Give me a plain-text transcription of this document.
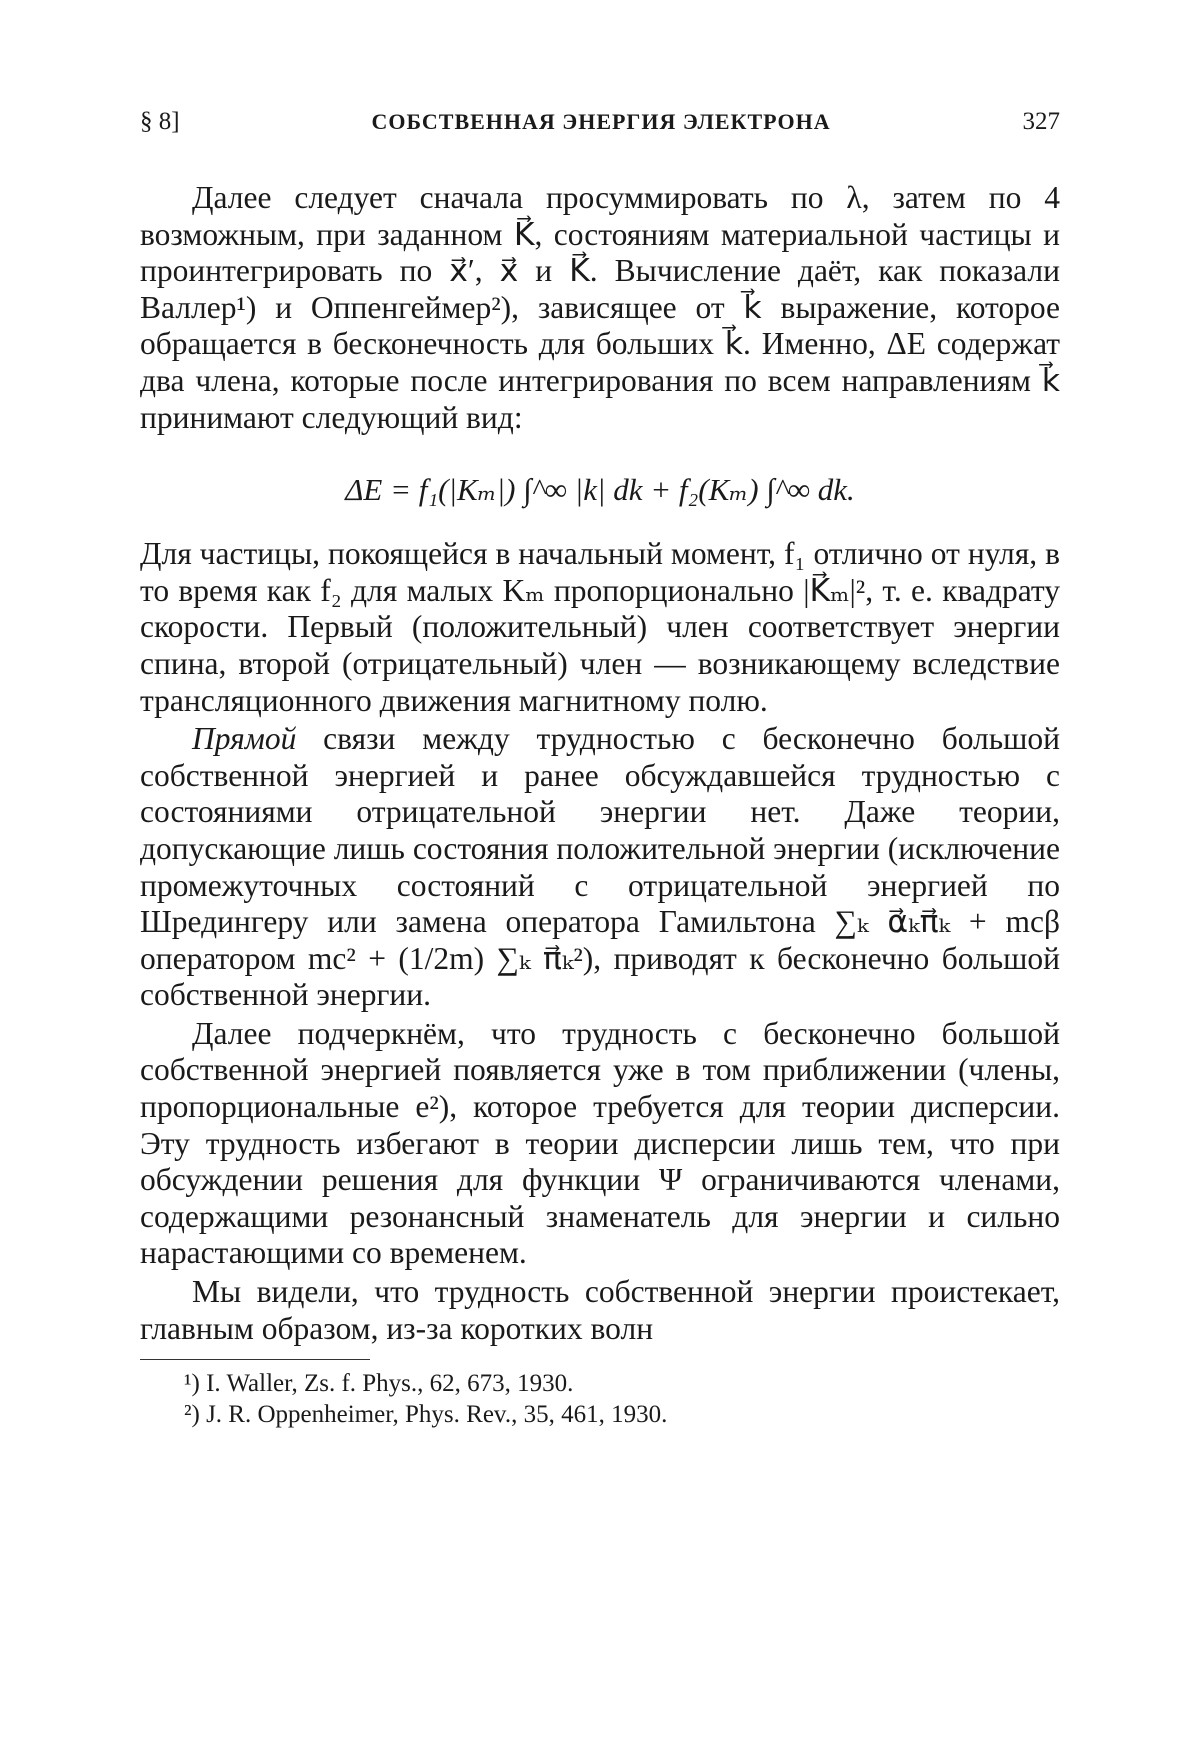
§ 8]	СОБСТВЕННАЯ ЭНЕРГИЯ ЭЛЕКТРОНА	327

Далее следует сначала просуммировать по λ, затем по 4 возможным, при заданном K⃗, состояниям материальной частицы и проинтегрировать по x⃗′, x⃗ и K⃗. Вычисление даёт, как показали Валлер¹) и Оппенгеймер²), зависящее от k⃗ выражение, которое обращается в бесконечность для больших k⃗. Именно, ΔE содержат два члена, которые после интегрирования по всем направлениям k⃗ принимают следующий вид:

ΔE = f₁(|Kₘ|) ∫^∞ |k| dk + f₂(Kₘ) ∫^∞ dk.

Для частицы, покоящейся в начальный момент, f₁ отлично от нуля, в то время как f₂ для малых Kₘ пропорционально |K⃗ₘ|², т. е. квадрату скорости. Первый (положительный) член соответствует энергии спина, второй (отрицательный) член — возникающему вследствие трансляционного движения магнитному полю.

Прямой связи между трудностью с бесконечно большой собственной энергией и ранее обсуждавшейся трудностью с состояниями отрицательной энергии нет. Даже теории, допускающие лишь состояния положительной энергии (исключение промежуточных состояний с отрицательной энергией по Шредингеру или замена оператора Гамильтона ∑ₖ α⃗ₖπ⃗ₖ + mcβ оператором mc² + (1/2m) ∑ₖ π⃗ₖ²), приводят к бесконечно большой собственной энергии.

Далее подчеркнём, что трудность с бесконечно большой собственной энергией появляется уже в том приближении (члены, пропорциональные e²), которое требуется для теории дисперсии. Эту трудность избегают в теории дисперсии лишь тем, что при обсуждении решения для функции Ψ ограничиваются членами, содержащими резонансный знаменатель для энергии и сильно нарастающими со временем.

Мы видели, что трудность собственной энергии проистекает, главным образом, из-за коротких волн

¹) I. Waller, Zs. f. Phys., 62, 673, 1930.

²) J. R. Oppenheimer, Phys. Rev., 35, 461, 1930.
